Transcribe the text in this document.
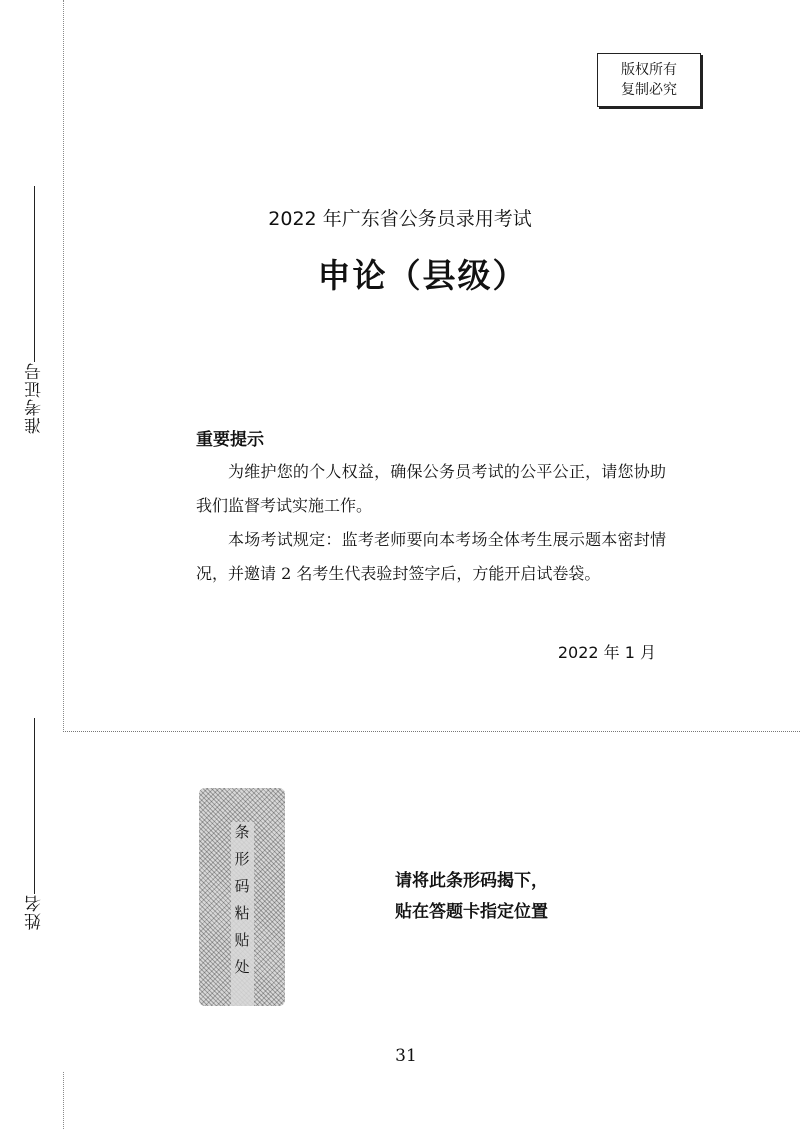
准考证号
姓名
版权所有
复制必究
2022 年广东省公务员录用考试
申论（县级）
重要提示

为维护您的个人权益，确保公务员考试的公平公正，请您协助我们监督考试实施工作。

本场考试规定：监考老师要向本考场全体考生展示题本密封情况，并邀请 2 名考生代表验封签字后，方能开启试卷袋。

2022 年 1 月
条形码粘贴处	请将此条形码揭下，
贴在答题卡指定位置
31
